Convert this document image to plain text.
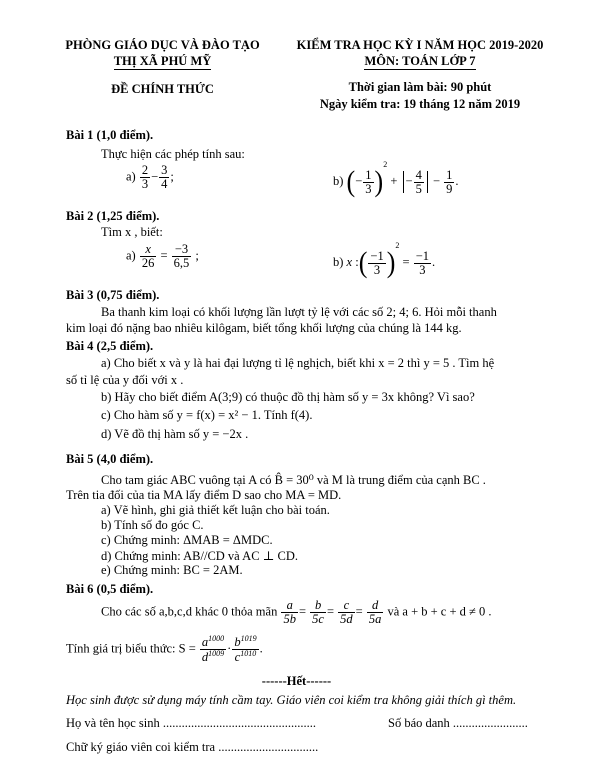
PHÒNG GIÁO DỤC VÀ ĐÀO TẠO
THỊ XÃ PHÚ MỸ
ĐỀ CHÍNH THỨC
KIỂM TRA HỌC KỲ I NĂM HỌC 2019-2020
MÔN: TOÁN LỚP 7
Thời gian làm bài: 90 phút
Ngày kiểm tra: 19 tháng 12 năm 2019
Bài 1 (1,0 điểm).
Thực hiện các phép tính sau:
$a) \frac{2}{3} - \frac{3}{4}$ ;	b) (− $\frac{1}{3} )^2$ + − $\frac{4}{5} - \frac{1}{9}$ .
Bài 2 (1,25 điểm).
Tìm x , biết:
$a) \frac{x}{26} = \frac{-3}{6,5}$ ;	b) x :( $\frac{-1}{3} )^2 = \frac{-1}{3}$ .
Bài 3 (0,75 điểm).
Ba thanh kim loại có khối lượng lần lượt tỷ lệ với các số 2; 4; 6. Hỏi mỗi thanh
kim loại đó nặng bao nhiêu kilôgam, biết tổng khối lượng của chúng là 144 kg.
Bài 4 (2,5 điểm).
a) Cho biết x và y là hai đại lượng tỉ lệ nghịch, biết khi x = 2 thì y = 5 . Tìm hệ
số tỉ lệ của y đối với x .
b) Hãy cho biết điểm A(3;9) có thuộc đồ thị hàm số y = 3x không? Vì sao?
c) Cho hàm số y = f(x) = x² − 1. Tính f(4).
d) Vẽ đồ thị hàm số y = −2x .
Bài 5 (4,0 điểm).
Cho tam giác ABC vuông tại A có B̂ = 30⁰ và M là trung điểm của cạnh BC .
Trên tia đối của tia MA lấy điểm D sao cho MA = MD.
a) Vẽ hình, ghi giả thiết kết luận cho bài toán.
b) Tính số đo góc C.
c) Chứng minh: ΔMAB = ΔMDC.
d) Chứng minh: AB//CD và AC ⊥ CD.
e) Chứng minh: BC = 2AM.
Bài 6 (0,5 điểm).
Cho các số a,b,c,d khác 0 thỏa mãn $\frac{a}{5b} = \frac{b}{5c} = \frac{c}{5d} = \frac{d}{5a}$ và a + b + c + d ≠ 0 .
Tính giá trị biểu thức: $S = \frac{a^{1000}}{d^{1009}} \cdot \frac{b^{1019}}{c^{1010}}$ .
------Hết------
Học sinh được sử dụng máy tính cầm tay. Giáo viên coi kiểm tra không giải thích gì thêm.
Họ và tên học sinh .................................................	Số báo danh ........................
Chữ ký giáo viên coi kiểm tra ................................
